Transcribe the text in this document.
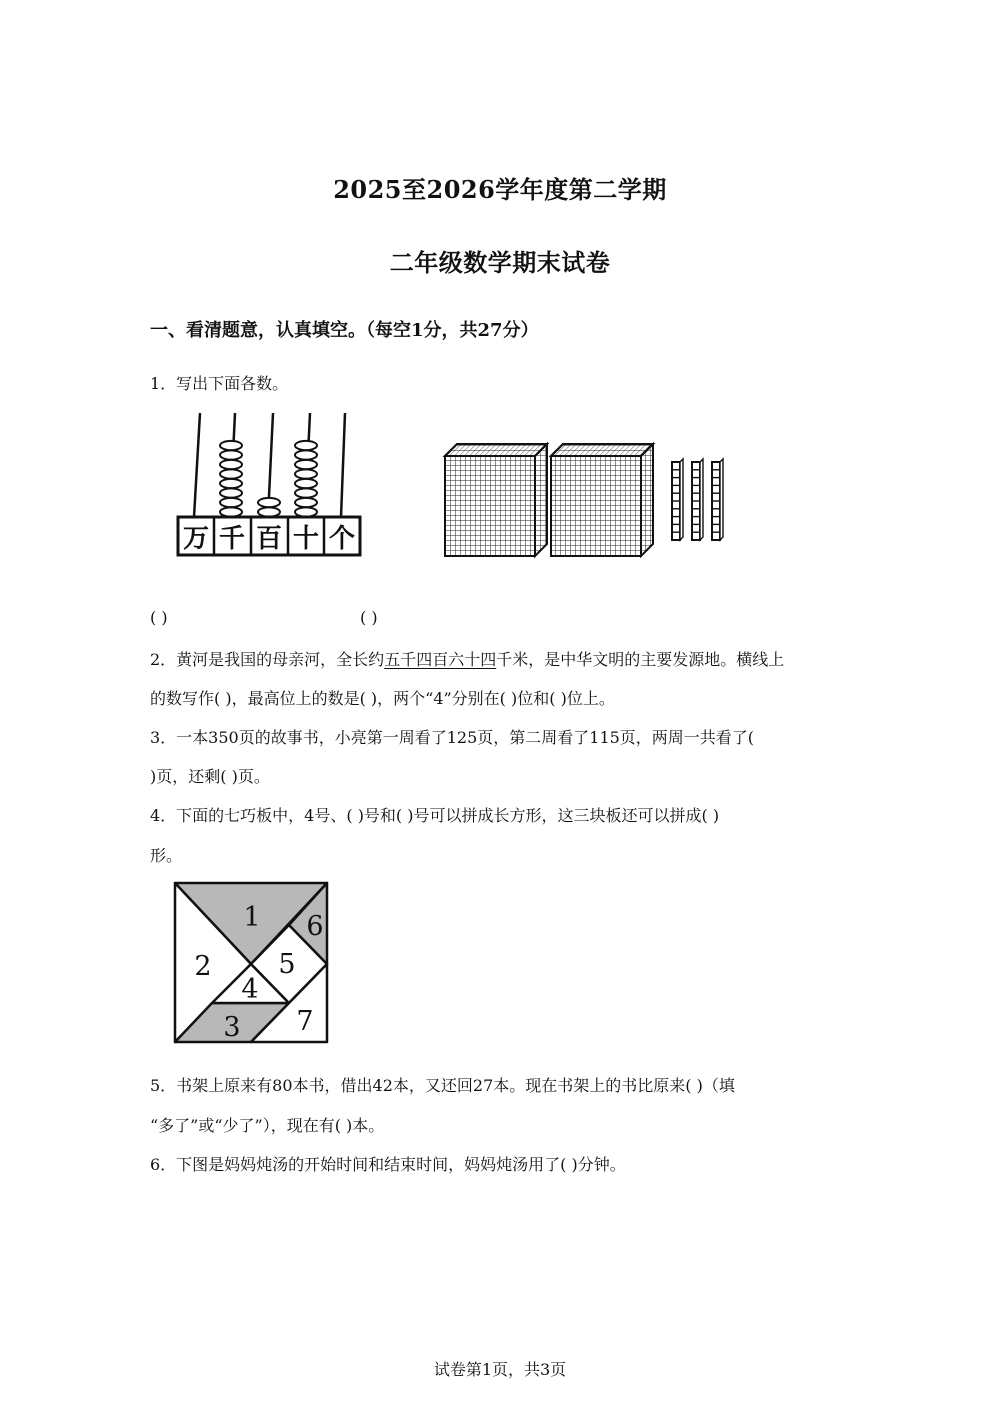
2025至2026学年度第二学期
二年级数学期末试卷
一、看清题意，认真填空。（每空1分，共27分）
1．写出下面各数。
万 千 百 十 个
( )	( )
2．黄河是我国的母亲河，全长约五千四百六十四千米，是中华文明的主要发源地。横线上
的数写作( )，最高位上的数是( )，两个“4”分别在( )位和( )位上。
3．一本350页的故事书，小亮第一周看了125页，第二周看了115页，两周一共看了(
)页，还剩( )页。
4．下面的七巧板中，4号、( )号和( )号可以拼成长方形，这三块板还可以拼成( )
形。
1
2
3
4
5
6
7
5．书架上原来有80本书，借出42本，又还回27本。现在书架上的书比原来( )（填
“多了”或“少了”），现在有( )本。
6．下图是妈妈炖汤的开始时间和结束时间，妈妈炖汤用了( )分钟。
试卷第1页，共3页
